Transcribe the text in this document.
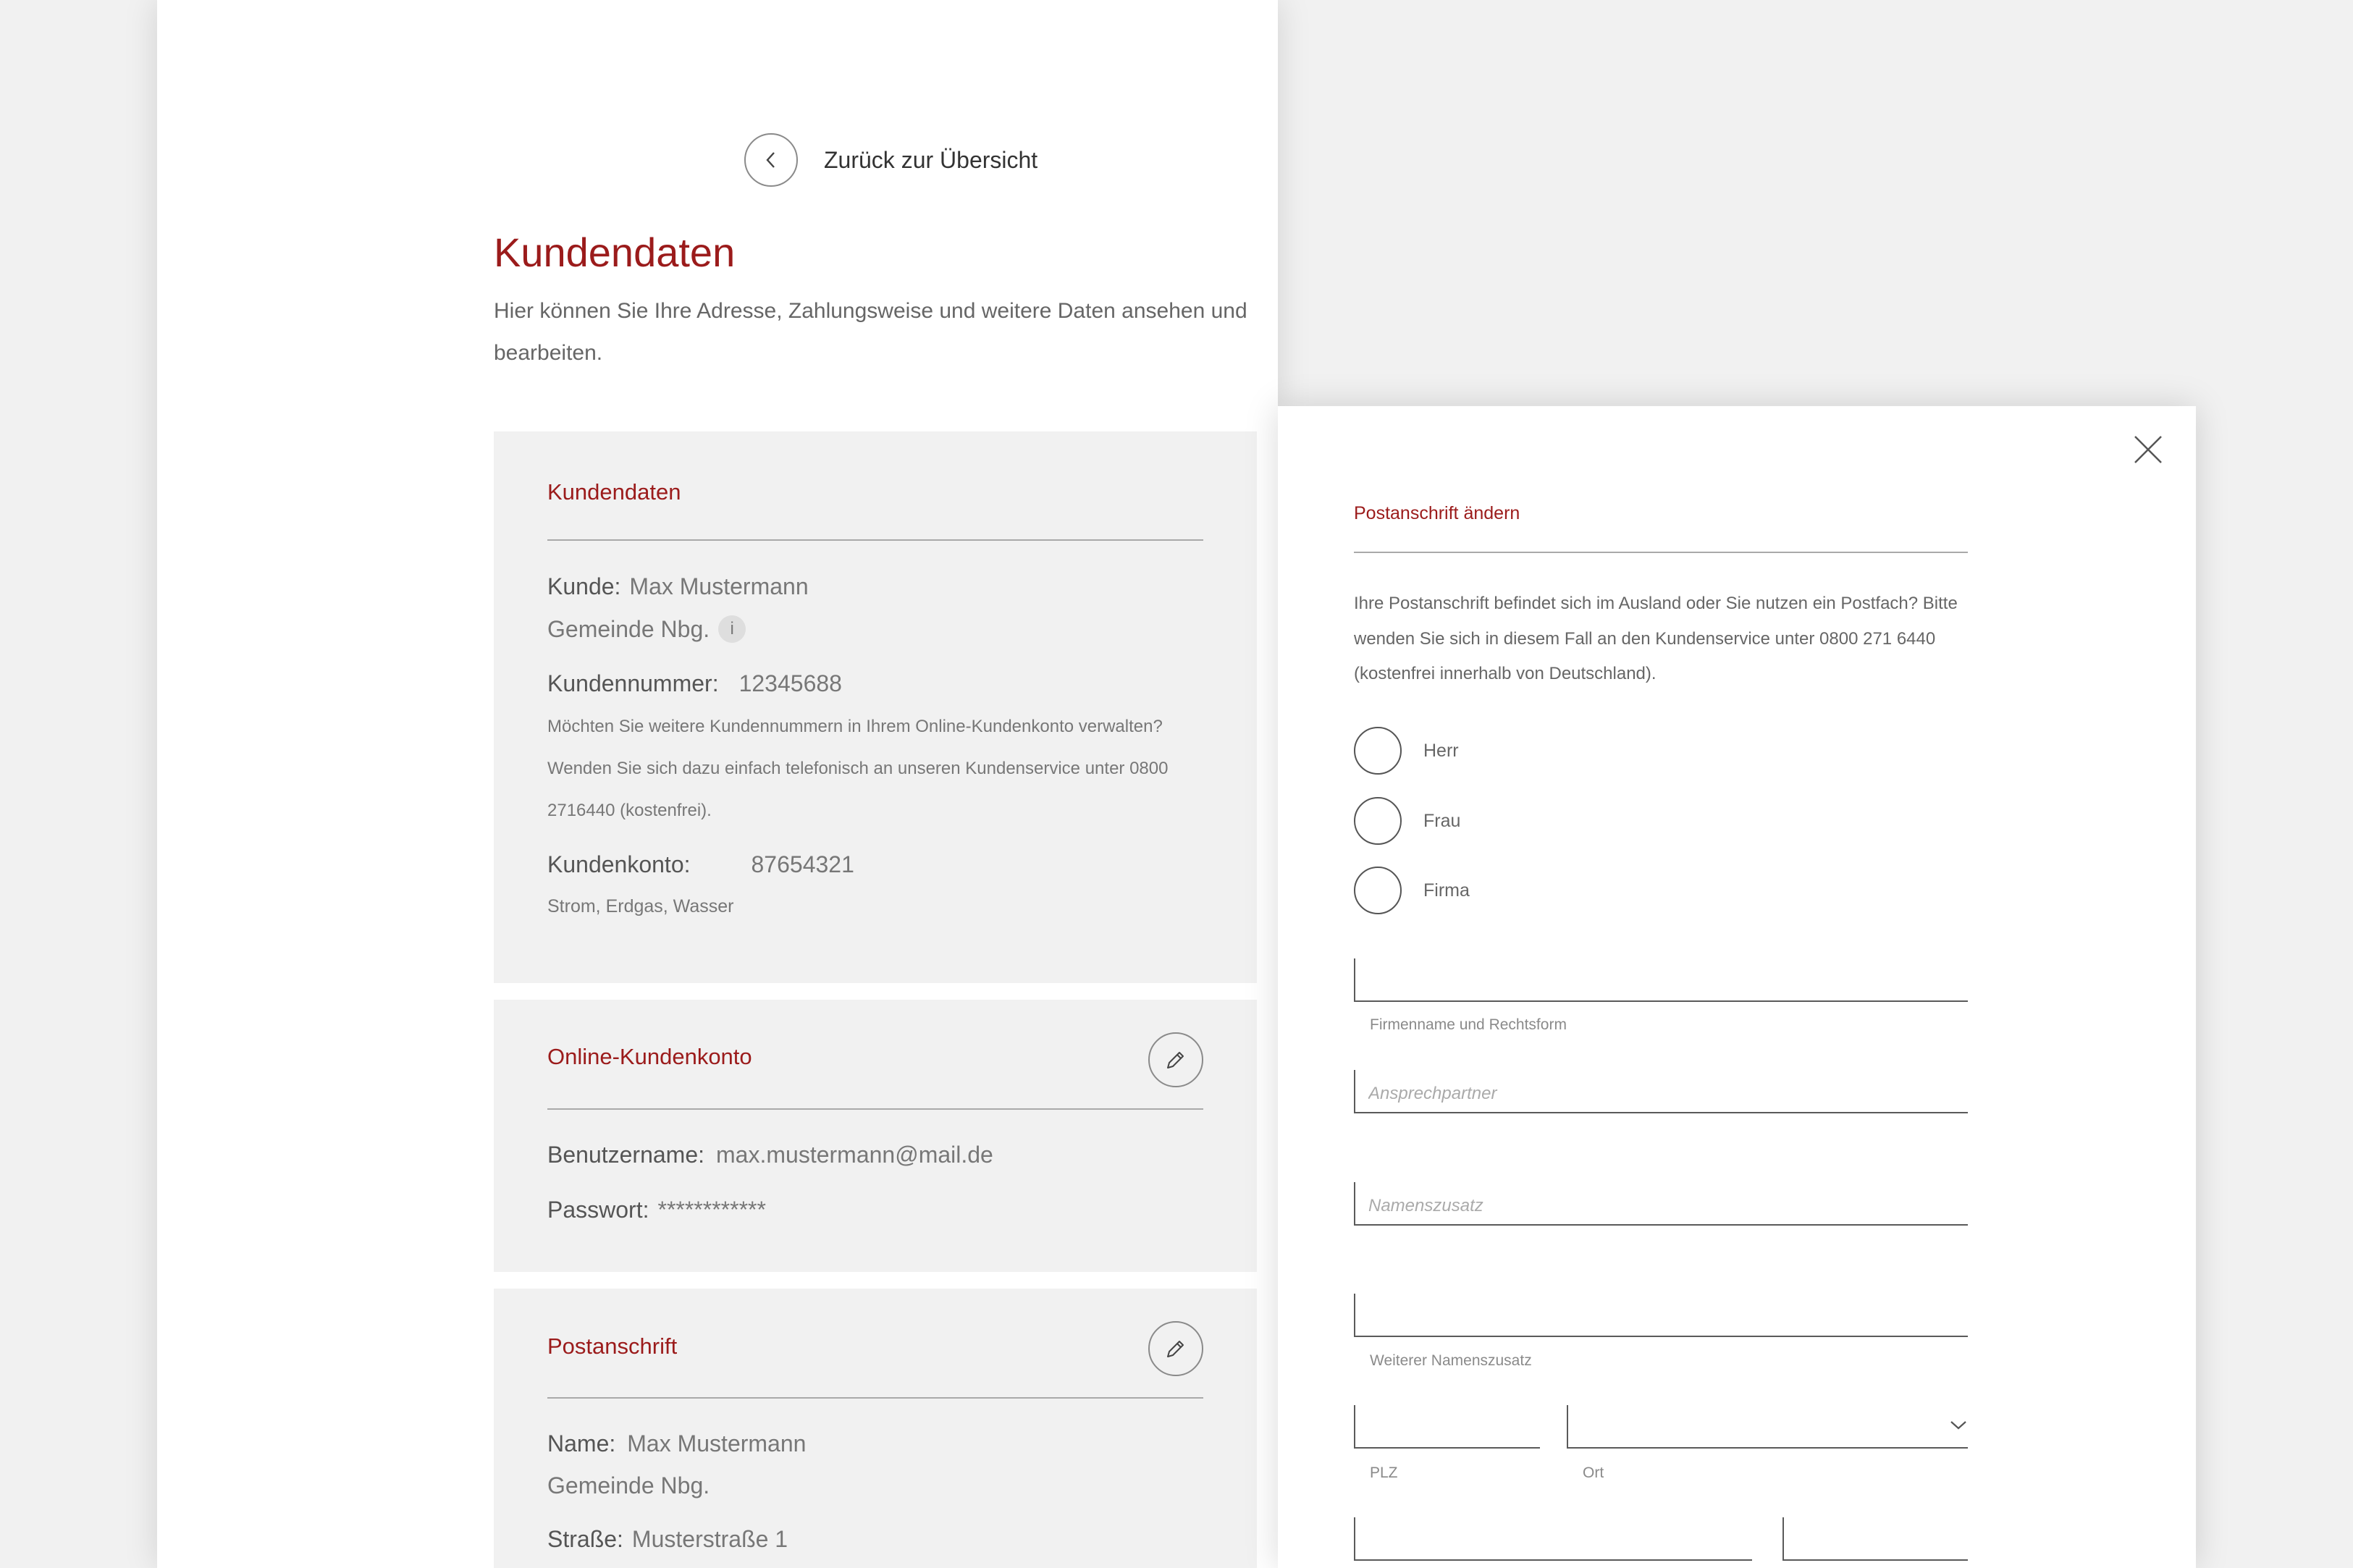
Zurück zur Übersicht
Kundendaten
Hier können Sie Ihre Adresse, Zahlungsweise und weitere Daten ansehen und bearbeiten.
Kundendaten
Kunde: Max Mustermann
Gemeinde Nbg.	i
Kundennummer: 12345688
Möchten Sie weitere Kundennummern in Ihrem Online-Kundenkonto verwalten? Wenden Sie sich dazu einfach telefonisch an unseren Kundenservice unter 0800 2716440 (kostenfrei).
Kundenkonto:	87654321
Strom, Erdgas, Wasser
Online-Kundenkonto
Benutzername: max.mustermann@mail.de
Passwort: ************
Postanschrift
Name: Max Mustermann
Gemeinde Nbg.
Straße: Musterstraße 1
Postanschrift ändern
Ihre Postanschrift befindet sich im Ausland oder Sie nutzen ein Postfach? Bitte wenden Sie sich in diesem Fall an den Kundenservice unter 0800 271 6440 (kostenfrei innerhalb von Deutschland).
Herr
Frau
Firma
Firmenname und Rechtsform
Ansprechpartner
Namenszusatz
Weiterer Namenszusatz
PLZ	Ort
